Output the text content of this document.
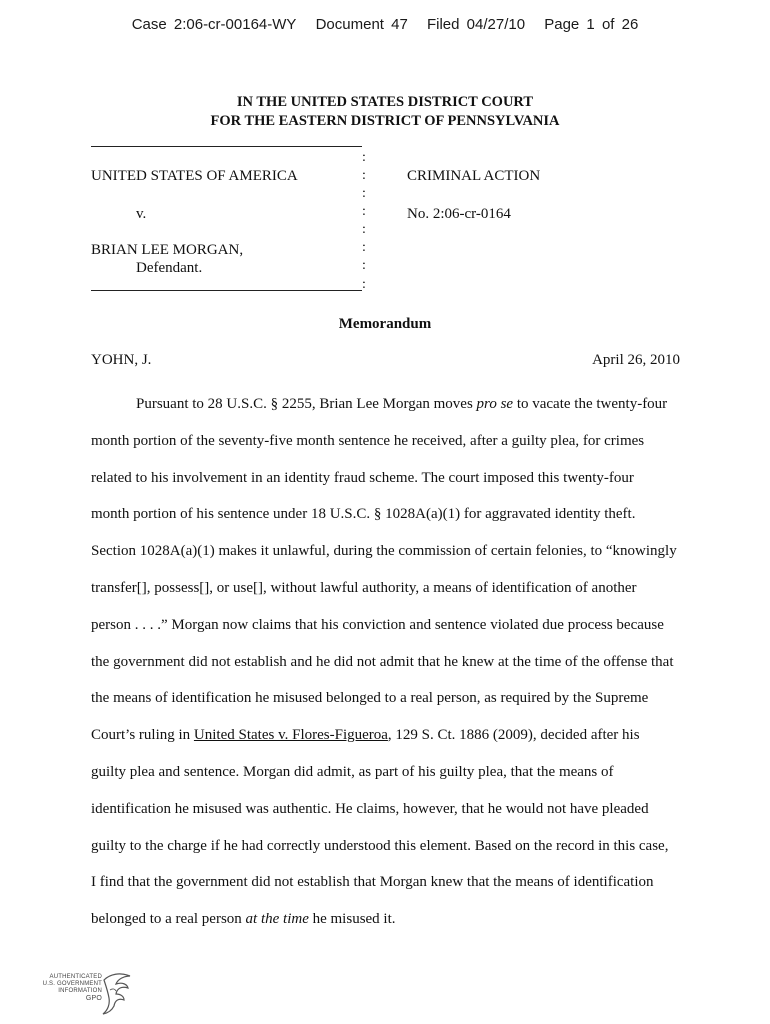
Case 2:06-cr-00164-WY Document 47 Filed 04/27/10 Page 1 of 26
IN THE UNITED STATES DISTRICT COURT
FOR THE EASTERN DISTRICT OF PENNSYLVANIA
:
:
:
:
:
:
:
:
UNITED STATES OF AMERICA
v.
BRIAN LEE MORGAN,
Defendant.
CRIMINAL ACTION
No. 2:06-cr-0164
Memorandum
YOHN, J.	April 26, 2010
Pursuant to 28 U.S.C. § 2255, Brian Lee Morgan moves pro se to vacate the twenty-four
month portion of the seventy-five month sentence he received, after a guilty plea, for crimes
related to his involvement in an identity fraud scheme. The court imposed this twenty-four
month portion of his sentence under 18 U.S.C. § 1028A(a)(1) for aggravated identity theft.
Section 1028A(a)(1) makes it unlawful, during the commission of certain felonies, to “knowingly
transfer[], possess[], or use[], without lawful authority, a means of identification of another
person . . . .” Morgan now claims that his conviction and sentence violated due process because
the government did not establish and he did not admit that he knew at the time of the offense that
the means of identification he misused belonged to a real person, as required by the Supreme
Court’s ruling in United States v. Flores-Figueroa, 129 S. Ct. 1886 (2009), decided after his
guilty plea and sentence. Morgan did admit, as part of his guilty plea, that the means of
identification he misused was authentic. He claims, however, that he would not have pleaded
guilty to the charge if he had correctly understood this element. Based on the record in this case,
I find that the government did not establish that Morgan knew that the means of identification
belonged to a real person at the time he misused it.
AUTHENTICATED
U.S. GOVERNMENT
INFORMATION
GPO
